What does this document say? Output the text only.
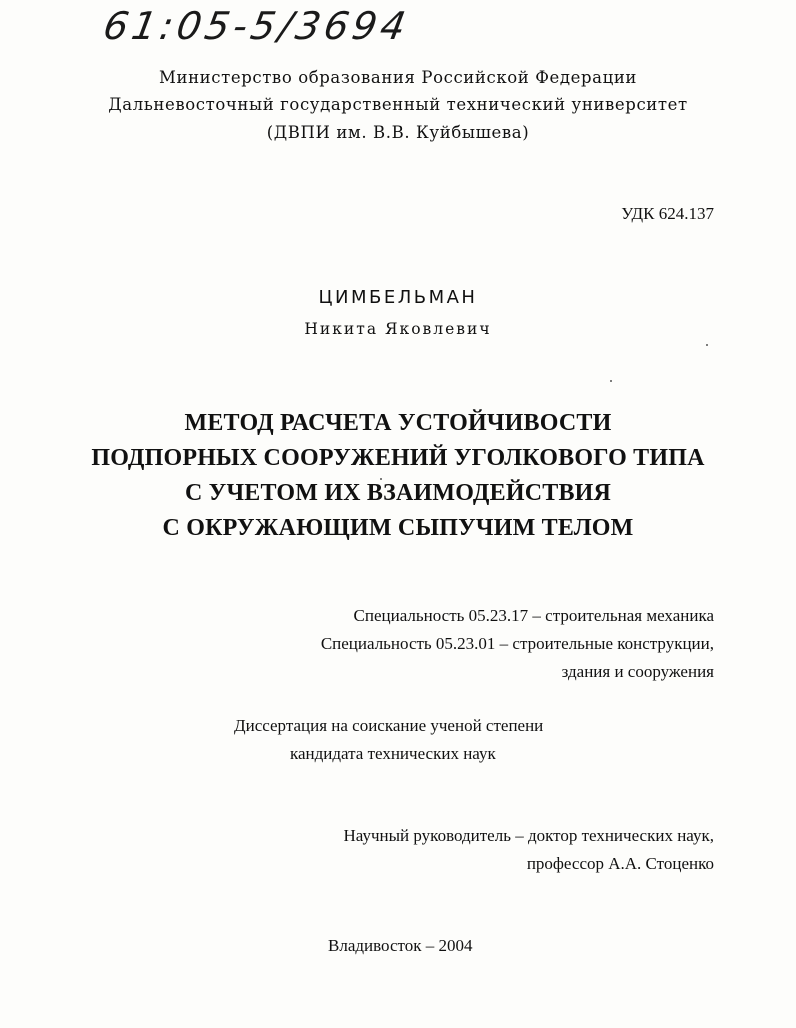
61:05-5/3694
Министерство образования Российской Федерации
Дальневосточный государственный технический университет
(ДВПИ им. В.В. Куйбышева)
УДК 624.137
ЦИМБЕЛЬМАН
Никита Яковлевич
МЕТОД РАСЧЕТА УСТОЙЧИВОСТИ
ПОДПОРНЫХ СООРУЖЕНИЙ УГОЛКОВОГО ТИПА
С УЧЕТОМ ИХ ВЗАИМОДЕЙСТВИЯ
С ОКРУЖАЮЩИМ СЫПУЧИМ ТЕЛОМ
Специальность 05.23.17 – строительная механика
Специальность 05.23.01 – строительные конструкции,
здания и сооружения
Диссертация на соискание ученой степени
кандидата технических наук
Научный руководитель – доктор технических наук,
профессор А.А. Стоценко
Владивосток – 2004
